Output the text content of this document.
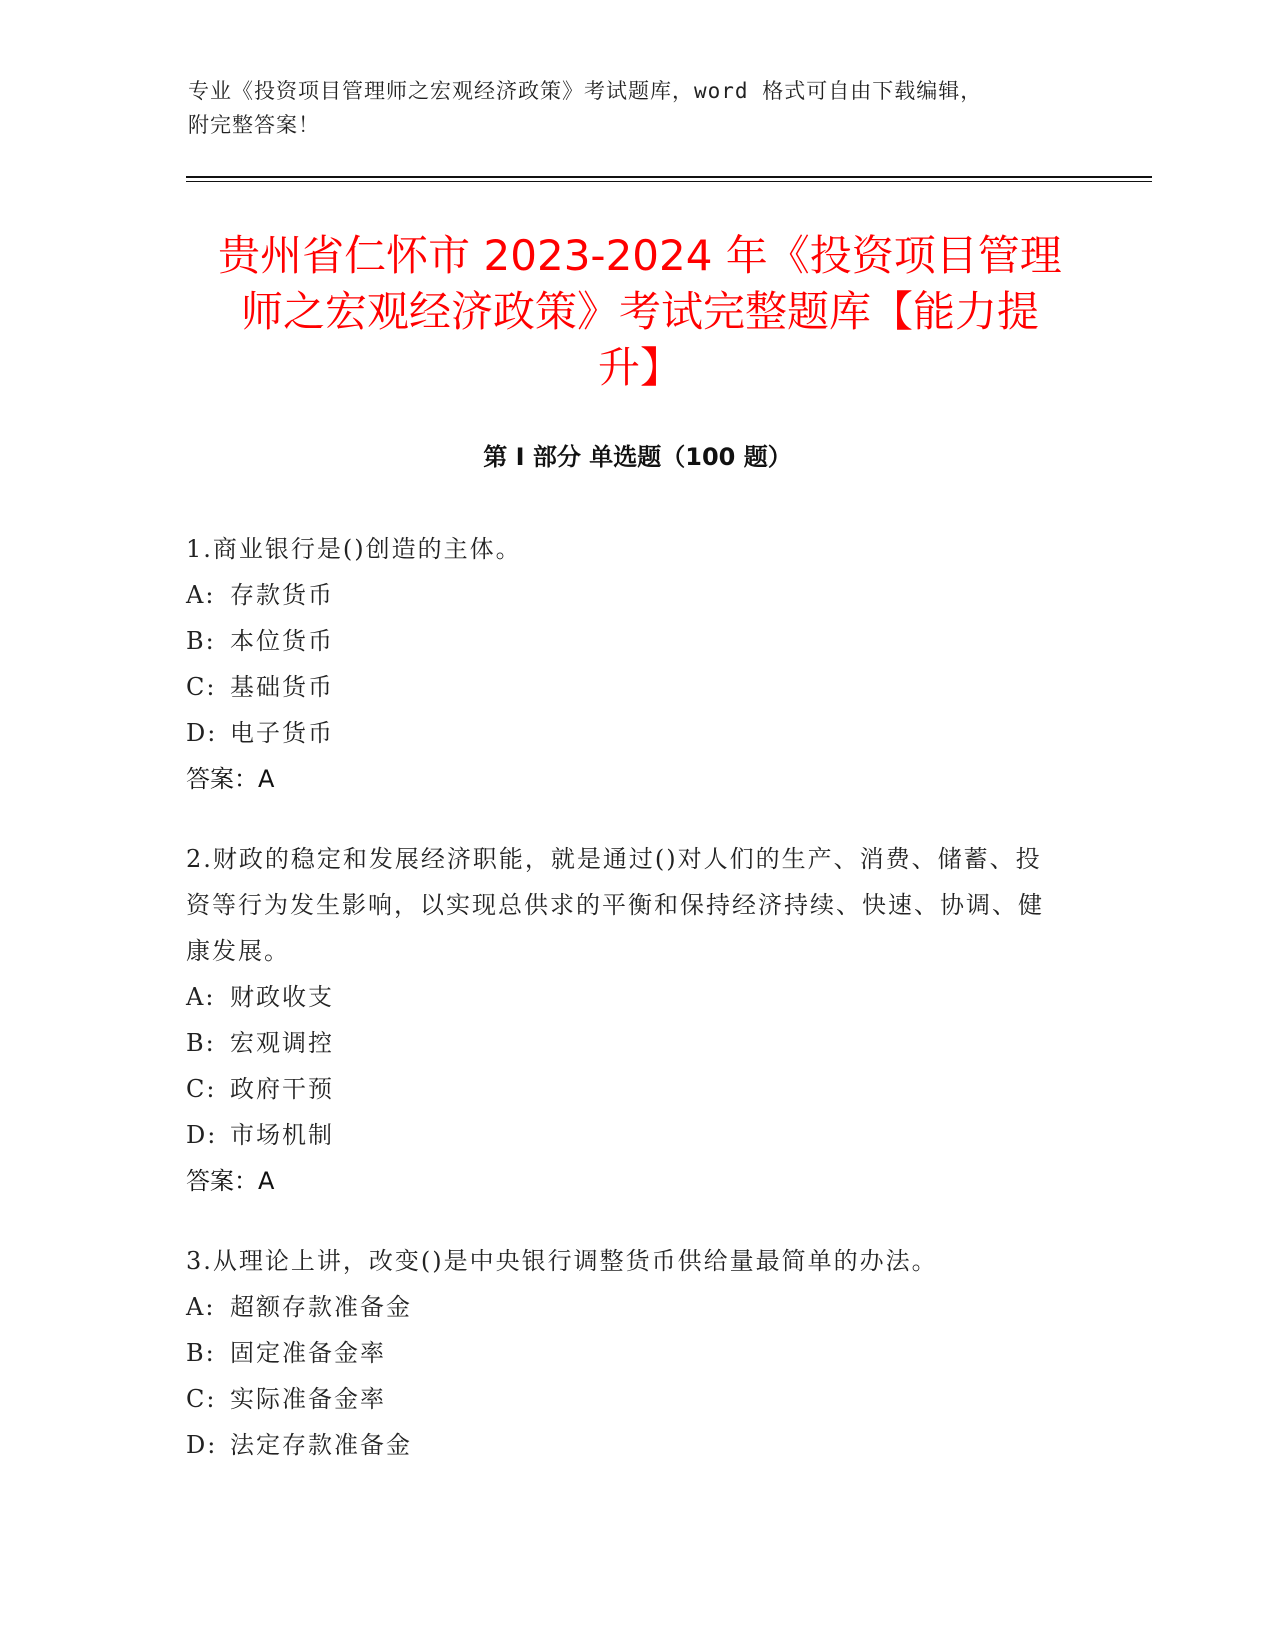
专业《投资项目管理师之宏观经济政策》考试题库，word 格式可自由下载编辑，
附完整答案！
贵州省仁怀市 2023-2024 年《投资项目管理
师之宏观经济政策》考试完整题库【能力提
升】
第 I 部分 单选题（100 题）
1.商业银行是()创造的主体。
A: 存款货币
B: 本位货币
C: 基础货币
D: 电子货币
答案：A
2.财政的稳定和发展经济职能，就是通过()对人们的生产、消费、储蓄、投资等行为发生影响，以实现总供求的平衡和保持经济持续、快速、协调、健康发展。
A: 财政收支
B: 宏观调控
C: 政府干预
D: 市场机制
答案：A
3.从理论上讲，改变()是中央银行调整货币供给量最简单的办法。
A: 超额存款准备金
B: 固定准备金率
C: 实际准备金率
D: 法定存款准备金
